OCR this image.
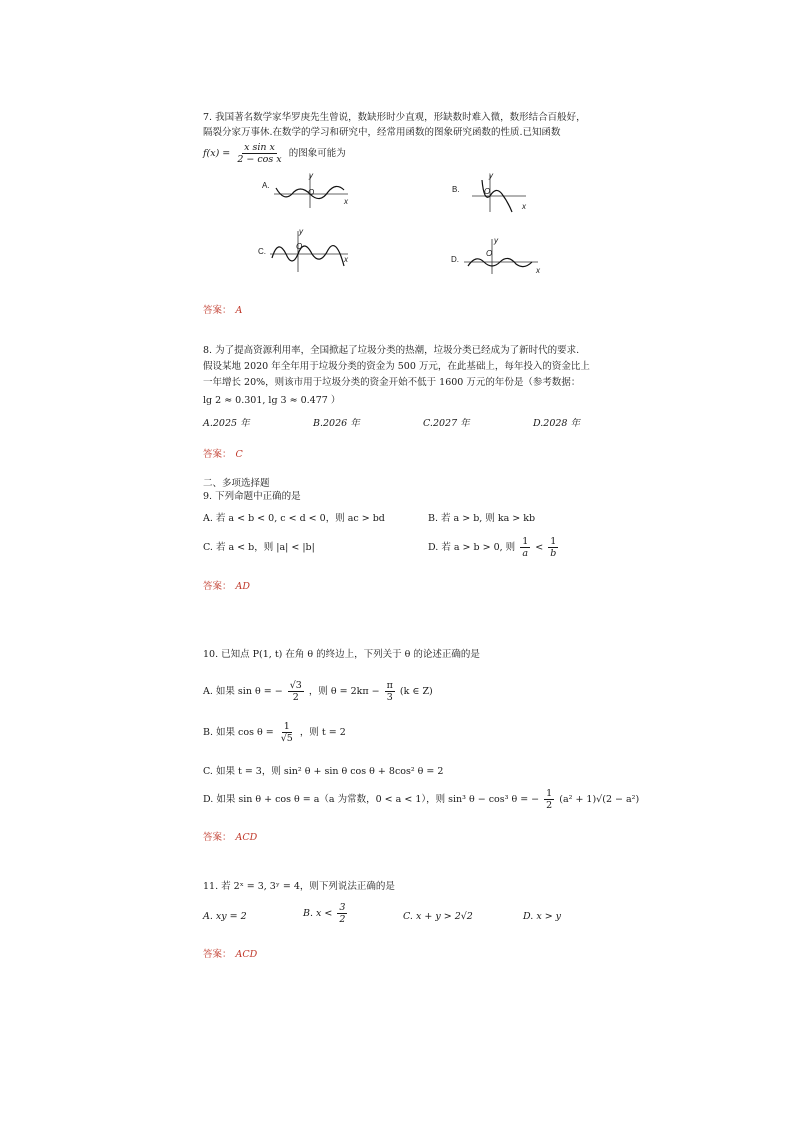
7. 我国著名数学家华罗庚先生曾说，数缺形时少直观，形缺数时难入微，数形结合百般好，
隔裂分家万事休.在数学的学习和研究中，经常用函数的图象研究函数的性质.已知函数
$f(x) = \frac{\text{x sin x}}{\text{2 − cos x}}$ 的图象可能为
A.
y
x
O	B.
y
x
O
C.
y
x
O
D.
y
x
O
答案： A
8. 为了提高资源利用率，全国掀起了垃圾分类的热潮，垃圾分类已经成为了新时代的要求.
假设某地 2020 年全年用于垃圾分类的资金为 500 万元，在此基础上，每年投入的资金比上
一年增长 20%，则该市用于垃圾分类的资金开始不低于 1600 万元的年份是（参考数据：
lg 2 ≈ 0.301, lg 3 ≈ 0.477 ）
A.2025 年	B.2026 年	C.2027 年	D.2028 年
答案： C
二、多项选择题
9. 下列命题中正确的是
A. 若 a < b < 0, c < d < 0，则 ac > bd	B. 若 a > b, 则 ka > kb
C. 若 a < b，则 |a| < |b|	D. 若 a > b > 0, 则 $\frac{1}{a} < \frac{1}{b}$
答案： AD
10. 已知点 P(1, t) 在角 θ 的终边上，下列关于 θ 的论述正确的是
A. 如果 sin θ = − $\frac{√3}{2}$ ，则 $\theta = 2k\pi - \frac{\pi}{3} (k$ ∈ Z)
B. 如果 $\cos \theta = \frac{1}{√5}$ ，则 t = 2
C. 如果 t = 3，则 sin² θ + sin θ cos θ + 8cos² θ = 2
D. 如果 sin θ + cos θ = a（a 为常数，0 < a < 1），则 sin³ θ − cos³ θ = − $\frac{1}{2} (a^2 + 1)√(2 - a^2)$
答案： ACD
11. 若 2ˣ = 3, 3ʸ = 4，则下列说法正确的是
A. xy = 2	B. $x < \frac{3}{2}$	C. x + y > 2√2	D. x > y
答案： ACD
